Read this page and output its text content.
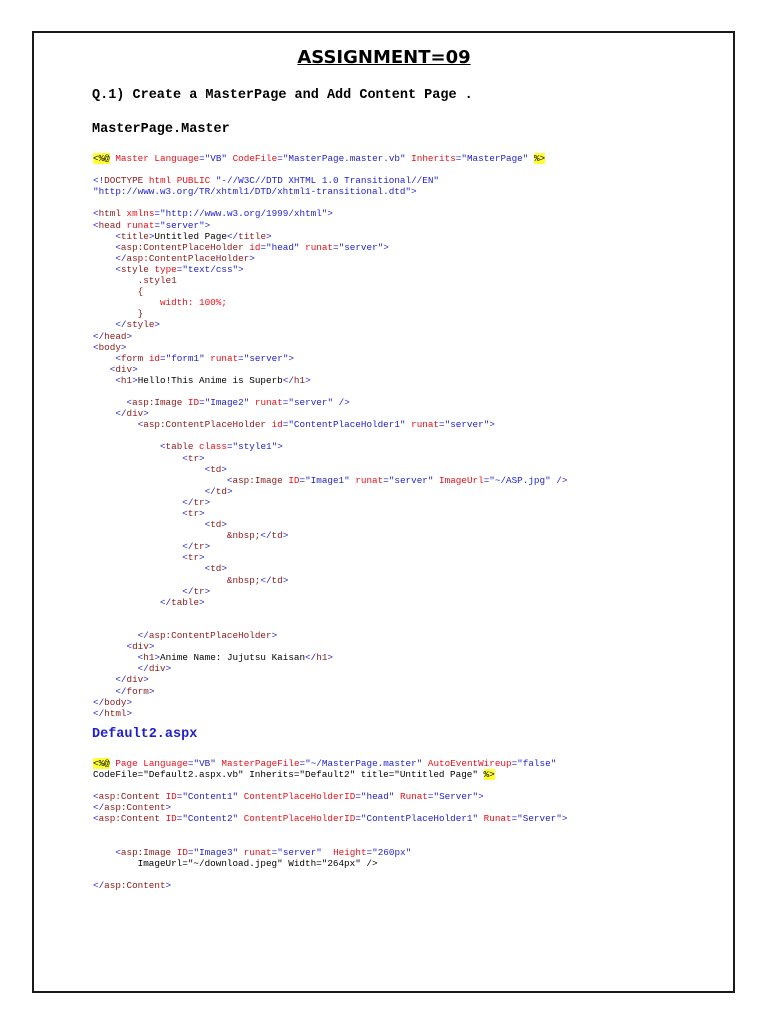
ASSIGNMENT=09
Q.1) Create a MasterPage and Add Content Page .
MasterPage.Master
<%@ Master Language="VB" CodeFile="MasterPage.master.vb" Inherits="MasterPage" %>
<!DOCTYPE html PUBLIC "-//W3C//DTD XHTML 1.0 Transitional//EN"
"http://www.w3.org/TR/xhtml1/DTD/xhtml1-transitional.dtd">
<html xmlns="http://www.w3.org/1999/xhtml">
<head runat="server">
<title>Untitled Page</title>
<asp:ContentPlaceHolder id="head" runat="server">
</asp:ContentPlaceHolder>
<style type="text/css">
.style1
{
width: 100%;
}
</style>
</head>
<body>
<form id="form1" runat="server">
<div>
<h1>Hello!This Anime is Superb</h1>
<asp:Image ID="Image2" runat="server" />
</div>
<asp:ContentPlaceHolder id="ContentPlaceHolder1" runat="server">
<table class="style1">
<tr>
<td>
<asp:Image ID="Image1" runat="server" ImageUrl="~/ASP.jpg" />
</td>
</tr>
<tr>
<td>
&nbsp;</td>
</tr>
<tr>
<td>
&nbsp;</td>
</tr>
</table>
</asp:ContentPlaceHolder>
<div>
<h1>Anime Name: Jujutsu Kaisan</h1>
</div>
</div>
</form>
</body>
</html>
Default2.aspx
<%@ Page Language="VB" MasterPageFile="~/MasterPage.master" AutoEventWireup="false"
CodeFile="Default2.aspx.vb" Inherits="Default2" title="Untitled Page" %>
<asp:Content ID="Content1" ContentPlaceHolderID="head" Runat="Server">
</asp:Content>
<asp:Content ID="Content2" ContentPlaceHolderID="ContentPlaceHolder1" Runat="Server">
<asp:Image ID="Image3" runat="server" Height="260px"
ImageUrl="~/download.jpeg" Width="264px" />
</asp:Content>
